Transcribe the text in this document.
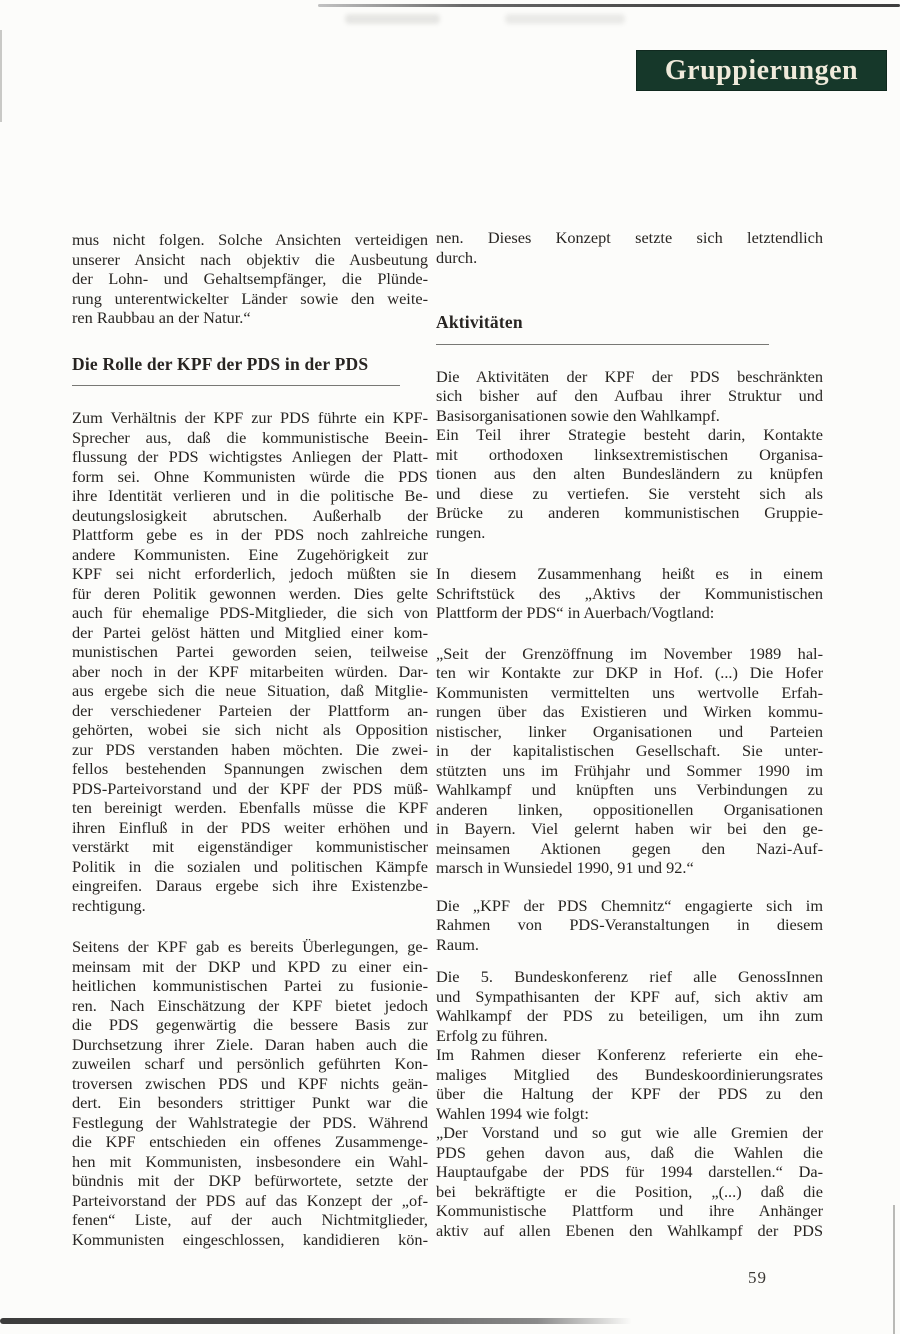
Gruppierungen
mus nicht folgen. Solche Ansichten verteidigen
unserer Ansicht nach objektiv die Ausbeutung
der Lohn- und Gehaltsempfänger, die Plünde-
rung unterentwickelter Länder sowie den weite-
ren Raubbau an der Natur.“
Die Rolle der KPF der PDS in der PDS
Zum Verhältnis der KPF zur PDS führte ein KPF-
Sprecher aus, daß die kommunistische Beein-
flussung der PDS wichtigstes Anliegen der Platt-
form sei. Ohne Kommunisten würde die PDS
ihre Identität verlieren und in die politische Be-
deutungslosigkeit abrutschen. Außerhalb der
Plattform gebe es in der PDS noch zahlreiche
andere Kommunisten. Eine Zugehörigkeit zur
KPF sei nicht erforderlich, jedoch müßten sie
für deren Politik gewonnen werden. Dies gelte
auch für ehemalige PDS-Mitglieder, die sich von
der Partei gelöst hätten und Mitglied einer kom-
munistischen Partei geworden seien, teilweise
aber noch in der KPF mitarbeiten würden. Dar-
aus ergebe sich die neue Situation, daß Mitglie-
der verschiedener Parteien der Plattform an-
gehörten, wobei sie sich nicht als Opposition
zur PDS verstanden haben möchten. Die zwei-
fellos bestehenden Spannungen zwischen dem
PDS-Parteivorstand und der KPF der PDS müß-
ten bereinigt werden. Ebenfalls müsse die KPF
ihren Einfluß in der PDS weiter erhöhen und
verstärkt mit eigenständiger kommunistischer
Politik in die sozialen und politischen Kämpfe
eingreifen. Daraus ergebe sich ihre Existenzbe-
rechtigung.
Seitens der KPF gab es bereits Überlegungen, ge-
meinsam mit der DKP und KPD zu einer ein-
heitlichen kommunistischen Partei zu fusionie-
ren. Nach Einschätzung der KPF bietet jedoch
die PDS gegenwärtig die bessere Basis zur
Durchsetzung ihrer Ziele. Daran haben auch die
zuweilen scharf und persönlich geführten Kon-
troversen zwischen PDS und KPF nichts geän-
dert. Ein besonders strittiger Punkt war die
Festlegung der Wahlstrategie der PDS. Während
die KPF entschieden ein offenes Zusammenge-
hen mit Kommunisten, insbesondere ein Wahl-
bündnis mit der DKP befürwortete, setzte der
Parteivorstand der PDS auf das Konzept der „of-
fenen“ Liste, auf der auch Nichtmitglieder,
Kommunisten eingeschlossen, kandidieren kön-
nen. Dieses Konzept setzte sich letztendlich
durch.
Aktivitäten
Die Aktivitäten der KPF der PDS beschränkten
sich bisher auf den Aufbau ihrer Struktur und
Basisorganisationen sowie den Wahlkampf.
Ein Teil ihrer Strategie besteht darin, Kontakte
mit orthodoxen linksextremistischen Organisa-
tionen aus den alten Bundesländern zu knüpfen
und diese zu vertiefen. Sie versteht sich als
Brücke zu anderen kommunistischen Gruppie-
rungen.
In diesem Zusammenhang heißt es in einem
Schriftstück des „Aktivs der Kommunistischen
Plattform der PDS“ in Auerbach/Vogtland:
„Seit der Grenzöffnung im November 1989 hal-
ten wir Kontakte zur DKP in Hof. (...) Die Hofer
Kommunisten vermittelten uns wertvolle Erfah-
rungen über das Existieren und Wirken kommu-
nistischer, linker Organisationen und Parteien
in der kapitalistischen Gesellschaft. Sie unter-
stützten uns im Frühjahr und Sommer 1990 im
Wahlkampf und knüpften uns Verbindungen zu
anderen linken, oppositionellen Organisationen
in Bayern. Viel gelernt haben wir bei den ge-
meinsamen Aktionen gegen den Nazi-Auf-
marsch in Wunsiedel 1990, 91 und 92.“
Die „KPF der PDS Chemnitz“ engagierte sich im
Rahmen von PDS-Veranstaltungen in diesem
Raum.
Die 5. Bundeskonferenz rief alle GenossInnen
und Sympathisanten der KPF auf, sich aktiv am
Wahlkampf der PDS zu beteiligen, um ihn zum
Erfolg zu führen.
Im Rahmen dieser Konferenz referierte ein ehe-
maliges Mitglied des Bundeskoordinierungsrates
über die Haltung der KPF der PDS zu den
Wahlen 1994 wie folgt:
„Der Vorstand und so gut wie alle Gremien der
PDS gehen davon aus, daß die Wahlen die
Hauptaufgabe der PDS für 1994 darstellen.“ Da-
bei bekräftigte er die Position, „(...) daß die
Kommunistische Plattform und ihre Anhänger
aktiv auf allen Ebenen den Wahlkampf der PDS
59
